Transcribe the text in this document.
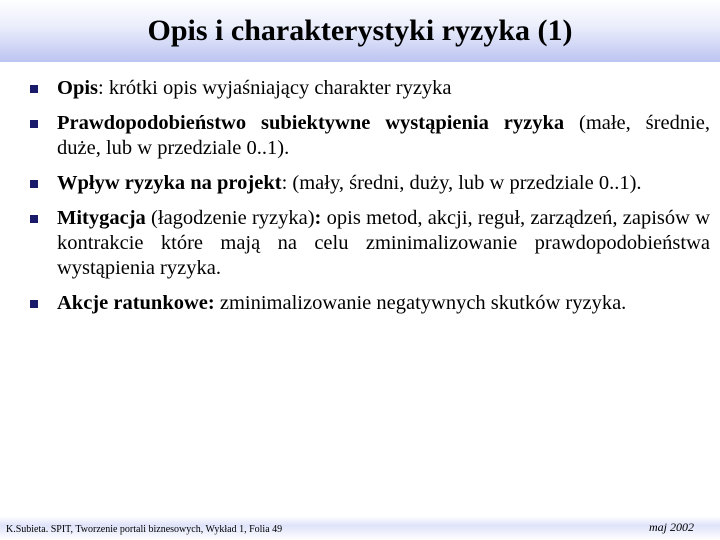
Opis i charakterystyki ryzyka (1)
Opis: krótki opis wyjaśniający charakter ryzyka
Prawdopodobieństwo subiektywne wystąpienia ryzyka (małe, średnie, duże, lub w przedziale 0..1).
Wpływ ryzyka na projekt: (mały, średni, duży, lub w przedziale 0..1).
Mitygacja (łagodzenie ryzyka): opis metod, akcji, reguł, zarządzeń, zapisów w kontrakcie które mają na celu zminimalizowanie prawdopodobieństwa wystąpienia ryzyka.
Akcje ratunkowe: zminimalizowanie negatywnych skutków ryzyka.
K.Subieta. SPIT, Tworzenie portali biznesowych, Wykład 1, Folia 49	maj 2002
